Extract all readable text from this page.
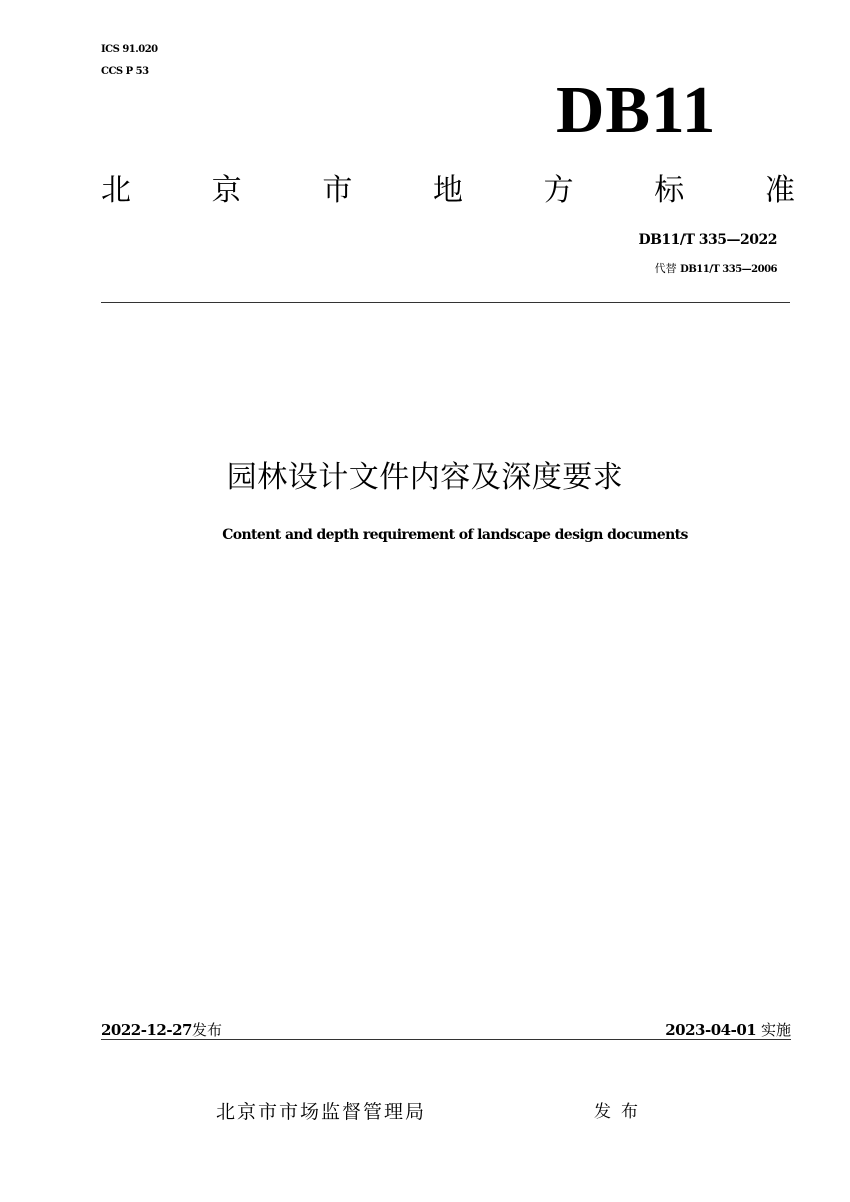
ICS 91.020
CCS P 53
DB11
北	京	市	地	方	标	准
DB11/T 335—2022
代替 DB11/T 335—2006
园林设计文件内容及深度要求
Content and depth requirement of landscape design documents
2022-12-27发布	2023-04-01 实施
北京市市场监督管理局	发布
